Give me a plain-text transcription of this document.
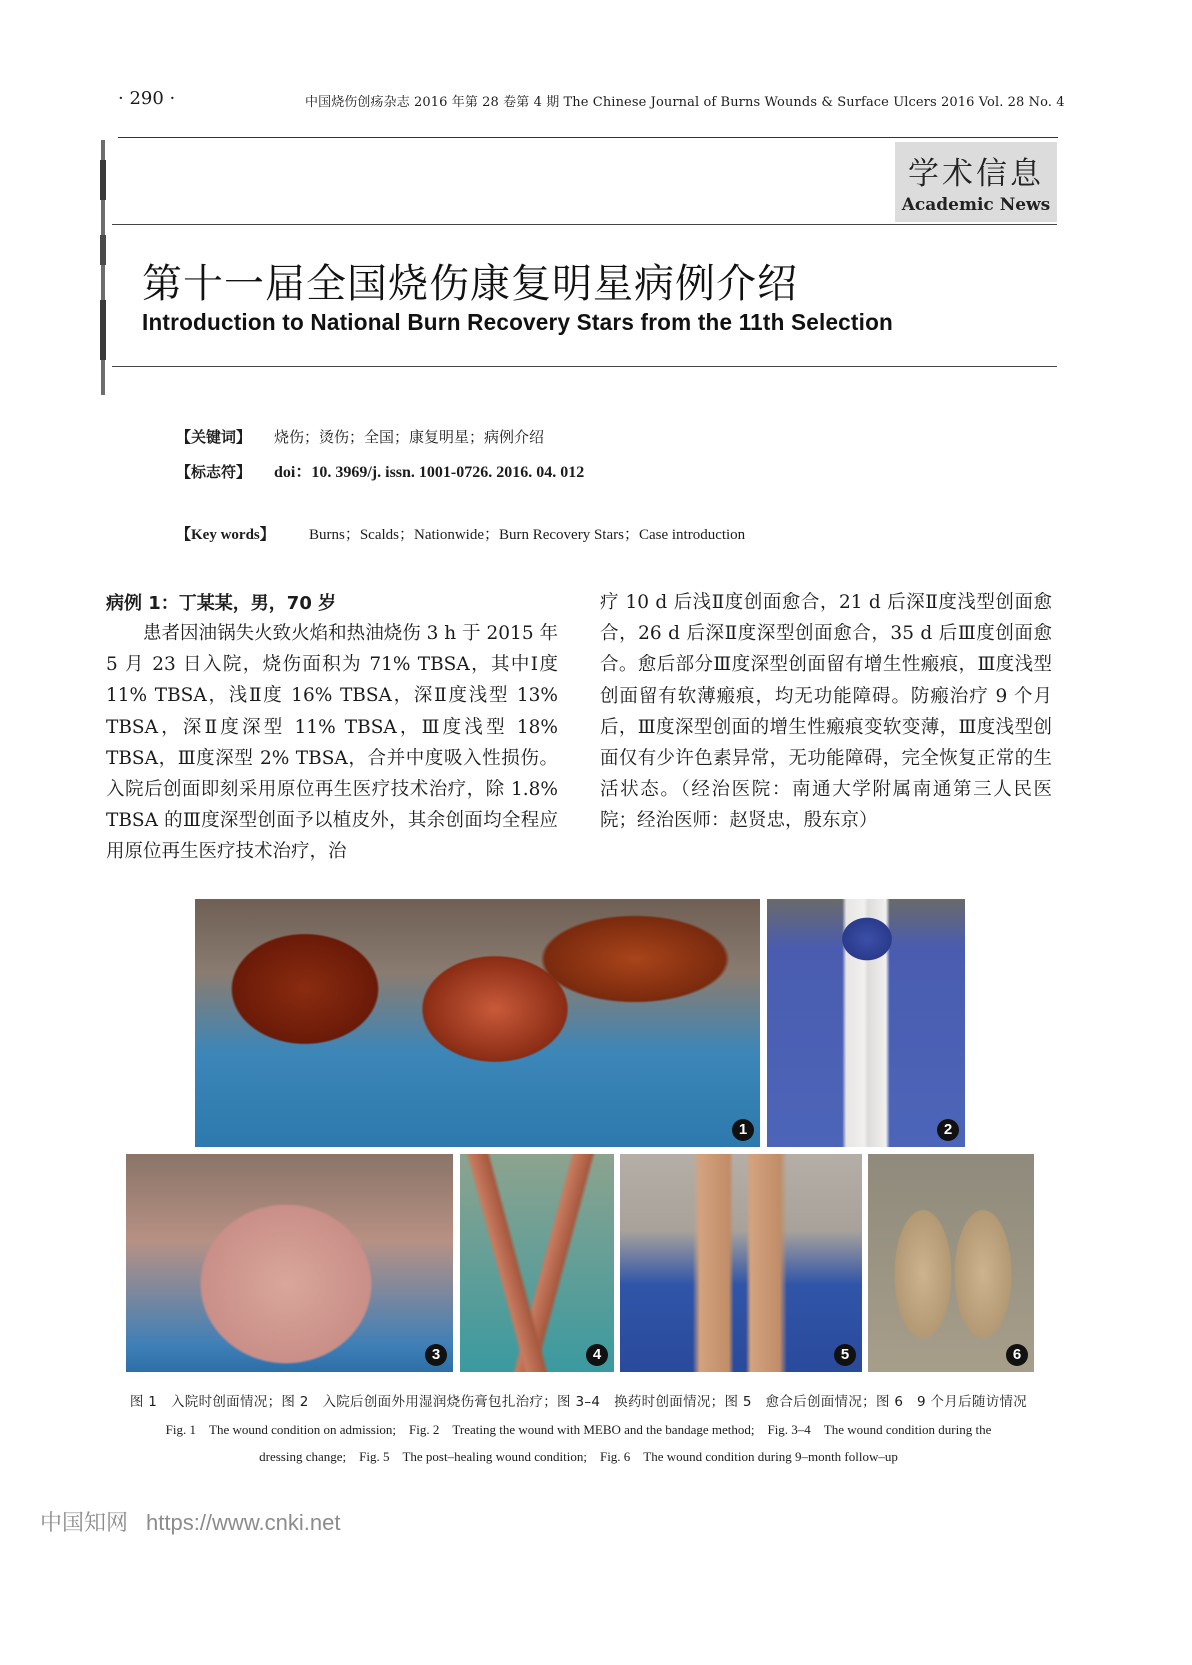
· 290 ·	中国烧伤创疡杂志 2016 年第 28 卷第 4 期 The Chinese Journal of Burns Wounds & Surface Ulcers 2016 Vol. 28 No. 4
学术信息
Academic News
第十一届全国烧伤康复明星病例介绍
Introduction to National Burn Recovery Stars from the 11th Selection
【关键词】 烧伤；烫伤；全国；康复明星；病例介绍
【标志符】 doi：10. 3969/j. issn. 1001-0726. 2016. 04. 012
【Key words】 Burns；Scalds；Nationwide；Burn Recovery Stars；Case introduction
病例 1：丁某某，男，70 岁
患者因油锅失火致火焰和热油烧伤 3 h 于 2015 年 5 月 23 日入院，烧伤面积为 71% TBSA，其中Ⅰ度 11% TBSA，浅Ⅱ度 16% TBSA，深Ⅱ度浅型 13% TBSA，深Ⅱ度深型 11% TBSA，Ⅲ度浅型 18% TBSA，Ⅲ度深型 2% TBSA，合并中度吸入性损伤。入院后创面即刻采用原位再生医疗技术治疗，除 1.8% TBSA 的Ⅲ度深型创面予以植皮外，其余创面均全程应用原位再生医疗技术治疗，治
疗 10 d 后浅Ⅱ度创面愈合，21 d 后深Ⅱ度浅型创面愈合，26 d 后深Ⅱ度深型创面愈合，35 d 后Ⅲ度创面愈合。愈后部分Ⅲ度深型创面留有增生性瘢痕，Ⅲ度浅型创面留有软薄瘢痕，均无功能障碍。防瘢治疗 9 个月后，Ⅲ度深型创面的增生性瘢痕变软变薄，Ⅲ度浅型创面仅有少许色素异常，无功能障碍，完全恢复正常的生活状态。（经治医院：南通大学附属南通第三人民医院；经治医师：赵贤忠，殷东京）
1	2
3	4	5	6
图 1　入院时创面情况；图 2　入院后创面外用湿润烧伤膏包扎治疗；图 3–4　换药时创面情况；图 5　愈合后创面情况；图 6　9 个月后随访情况
Fig. 1　The wound condition on admission;　Fig. 2　Treating the wound with MEBO and the bandage method;　Fig. 3–4　The wound condition during the
dressing change;　Fig. 5　The post–healing wound condition;　Fig. 6　The wound condition during 9–month follow–up
中国知网 https://www.cnki.net
